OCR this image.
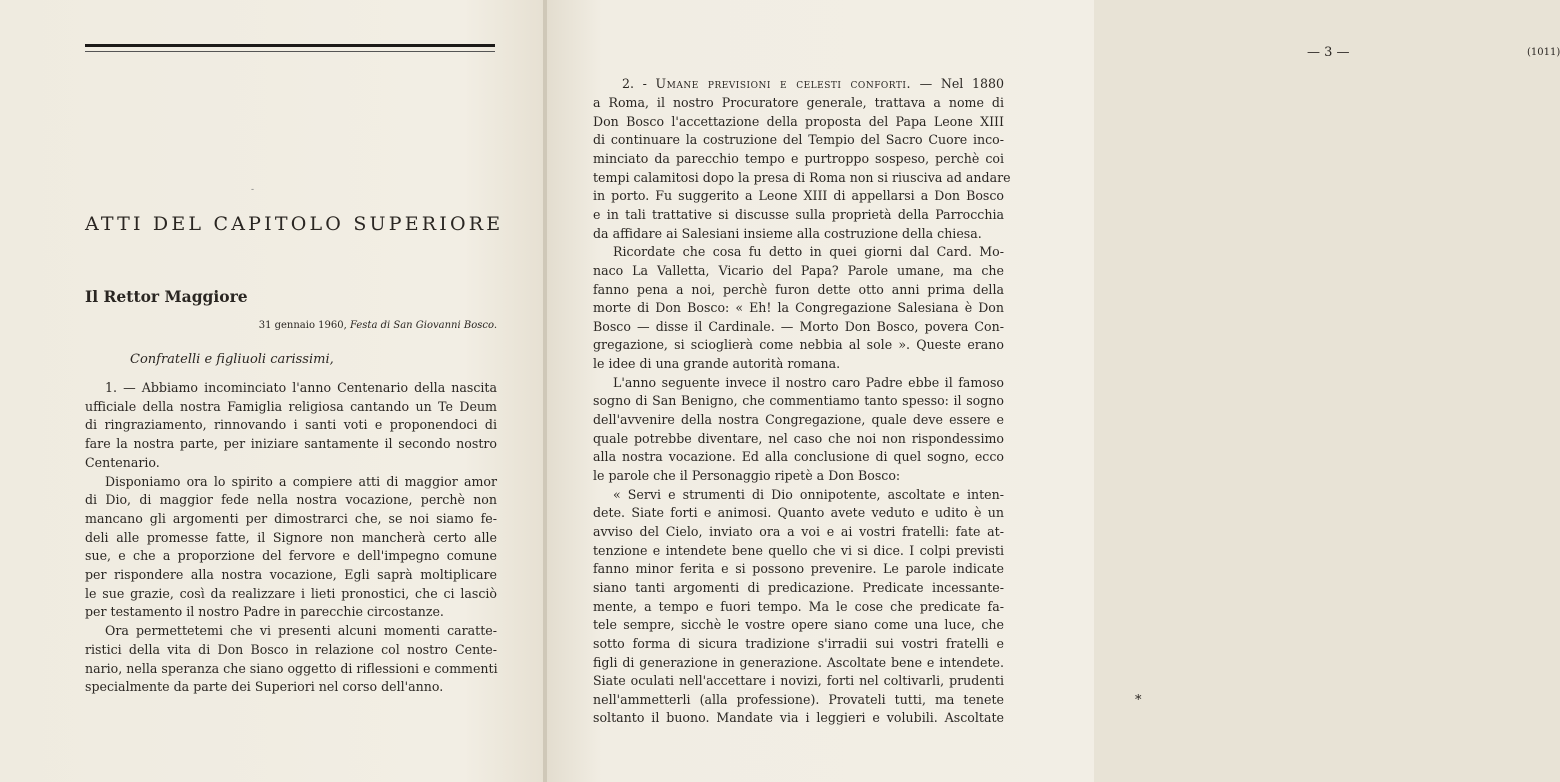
-
ATTI DEL CAPITOLO SUPERIORE
Il Rettor Maggiore
31 gennaio 1960, Festa di San Giovanni Bosco.
Confratelli e figliuoli carissimi,
1. — Abbiamo incominciato l'anno Centenario della nascita
ufficiale della nostra Famiglia religiosa cantando un Te Deum
di ringraziamento, rinnovando i santi voti e proponendoci di
fare la nostra parte, per iniziare santamente il secondo nostro
Centenario.
Disponiamo ora lo spirito a compiere atti di maggior amor
di Dio, di maggior fede nella nostra vocazione, perchè non
mancano gli argomenti per dimostrarci che, se noi siamo fe-
deli alle promesse fatte, il Signore non mancherà certo alle
sue, e che a proporzione del fervore e dell'impegno comune
per rispondere alla nostra vocazione, Egli saprà moltiplicare
le sue grazie, così da realizzare i lieti pronostici, che ci lasciò
per testamento il nostro Padre in parecchie circostanze.
Ora permettetemi che vi presenti alcuni momenti caratte-
ristici della vita di Don Bosco in relazione col nostro Cente-
nario, nella speranza che siano oggetto di riflessioni e commenti
specialmente da parte dei Superiori nel corso dell'anno.
— 3 —	(1011)
2. - Umane previsioni e celesti conforti. — Nel 1880
a Roma, il nostro Procuratore generale, trattava a nome di
Don Bosco l'accettazione della proposta del Papa Leone XIII
di continuare la costruzione del Tempio del Sacro Cuore inco-
minciato da parecchio tempo e purtroppo sospeso, perchè coi
tempi calamitosi dopo la presa di Roma non si riusciva ad andare
in porto. Fu suggerito a Leone XIII di appellarsi a Don Bosco
e in tali trattative si discusse sulla proprietà della Parrocchia
da affidare ai Salesiani insieme alla costruzione della chiesa.
Ricordate che cosa fu detto in quei giorni dal Card. Mo-
naco La Valletta, Vicario del Papa? Parole umane, ma che
fanno pena a noi, perchè furon dette otto anni prima della
morte di Don Bosco: « Eh! la Congregazione Salesiana è Don
Bosco — disse il Cardinale. — Morto Don Bosco, povera Con-
gregazione, si scioglierà come nebbia al sole ». Queste erano
le idee di una grande autorità romana.
L'anno seguente invece il nostro caro Padre ebbe il famoso
sogno di San Benigno, che commentiamo tanto spesso: il sogno
dell'avvenire della nostra Congregazione, quale deve essere e
quale potrebbe diventare, nel caso che noi non rispondessimo
alla nostra vocazione. Ed alla conclusione di quel sogno, ecco
le parole che il Personaggio ripetè a Don Bosco:
« Servi e strumenti di Dio onnipotente, ascoltate e inten-
dete. Siate forti e animosi. Quanto avete veduto e udito è un
avviso del Cielo, inviato ora a voi e ai vostri fratelli: fate at-
tenzione e intendete bene quello che vi si dice. I colpi previsti
fanno minor ferita e si possono prevenire. Le parole indicate
siano tanti argomenti di predicazione. Predicate incessante-
mente, a tempo e fuori tempo. Ma le cose che predicate fa-
tele sempre, sicchè le vostre opere siano come una luce, che
sotto forma di sicura tradizione s'irradii sui vostri fratelli e
figli di generazione in generazione. Ascoltate bene e intendete.
Siate oculati nell'accettare i novizi, forti nel coltivarli, prudenti
nell'ammetterli (alla professione). Provateli tutti, ma tenete
soltanto il buono. Mandate via i leggieri e volubili. Ascoltate
*
